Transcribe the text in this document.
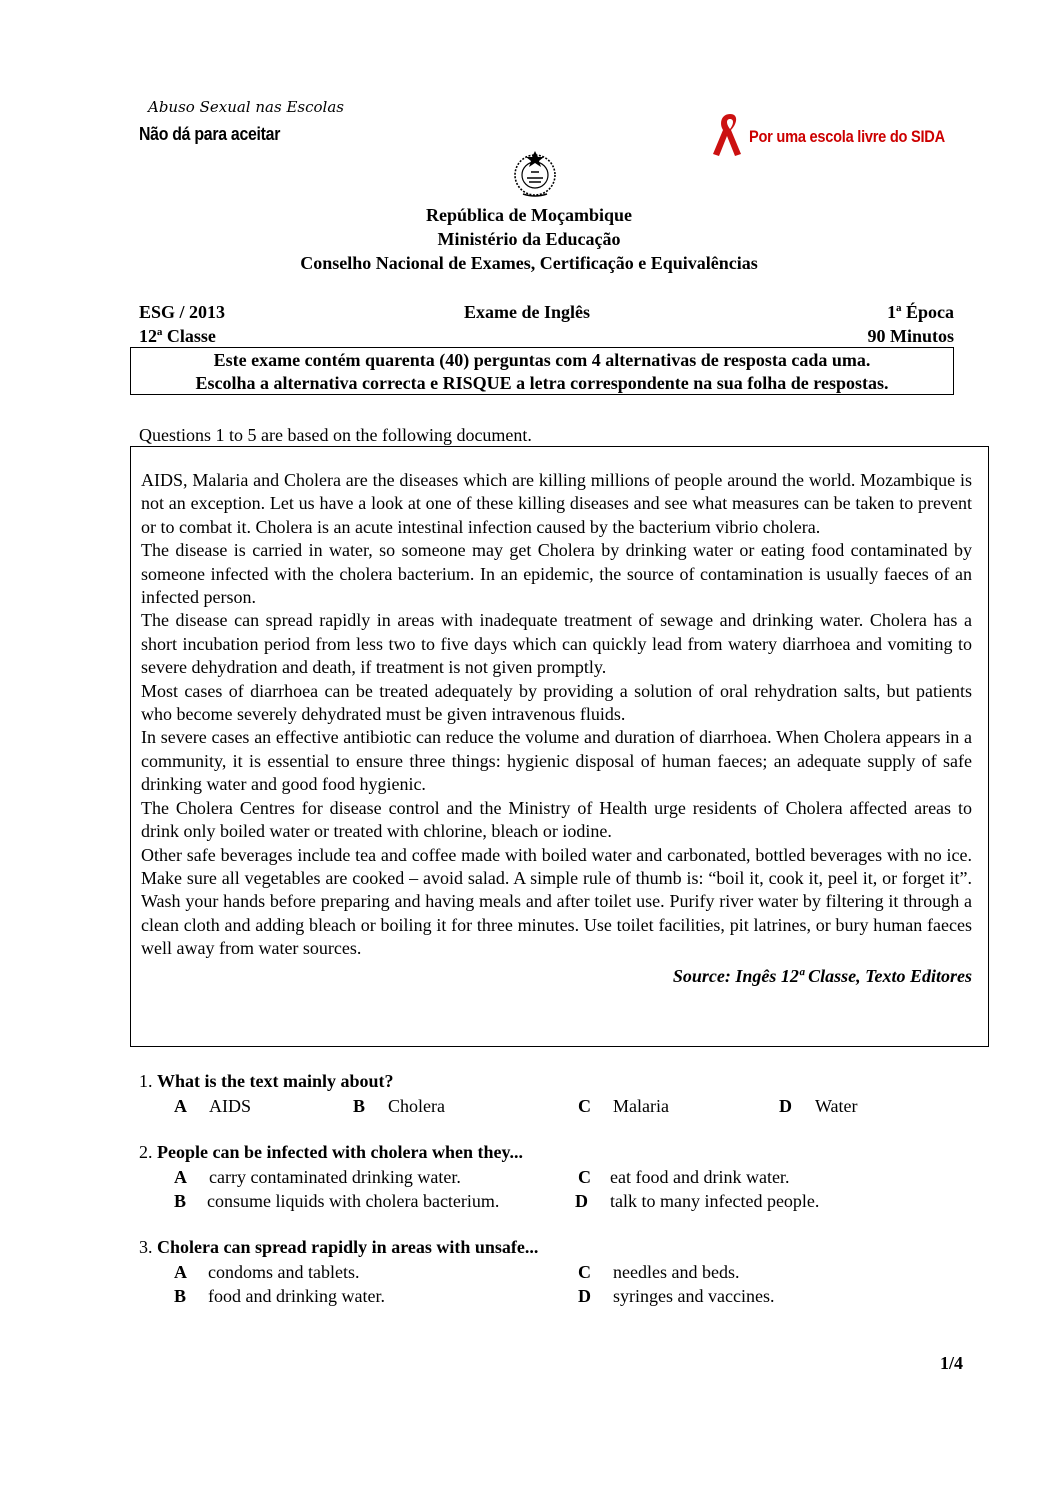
Abuso Sexual nas Escolas
Não dá para aceitar	Por uma escola livre do SIDA
República de Moçambique
Ministério da Educação
Conselho Nacional de Exames, Certificação e Equivalências
ESG / 2013	Exame de Inglês	1ª Época
12ª Classe	90 Minutos
Este exame contém quarenta (40) perguntas com 4 alternativas de resposta cada uma.
Escolha a alternativa correcta e RISQUE a letra correspondente na sua folha de respostas.
Questions 1 to 5 are based on the following document.

AIDS, Malaria and Cholera are the diseases which are killing millions of people around the world. Mozambique is not an exception. Let us have a look at one of these killing diseases and see what measures can be taken to prevent or to combat it. Cholera is an acute intestinal infection caused by the bacterium vibrio cholera.

The disease is carried in water, so someone may get Cholera by drinking water or eating food contaminated by someone infected with the cholera bacterium. In an epidemic, the source of contamination is usually faeces of an infected person.

The disease can spread rapidly in areas with inadequate treatment of sewage and drinking water. Cholera has a short incubation period from less two to five days which can quickly lead from watery diarrhoea and vomiting to severe dehydration and death, if treatment is not given promptly.

Most cases of diarrhoea can be treated adequately by providing a solution of oral rehydration salts, but patients who become severely dehydrated must be given intravenous fluids.

In severe cases an effective antibiotic can reduce the volume and duration of diarrhoea. When Cholera appears in a community, it is essential to ensure three things: hygienic disposal of human faeces; an adequate supply of safe drinking water and good food hygienic.

The Cholera Centres for disease control and the Ministry of Health urge residents of Cholera affected areas to drink only boiled water or treated with chlorine, bleach or iodine.

Other safe beverages include tea and coffee made with boiled water and carbonated, bottled beverages with no ice. Make sure all vegetables are cooked – avoid salad. A simple rule of thumb is: “boil it, cook it, peel it, or forget it”. Wash your hands before preparing and having meals and after toilet use. Purify river water by filtering it through a clean cloth and adding bleach or boiling it for three minutes. Use toilet facilities, pit latrines, or bury human faeces well away from water sources.

Source: Ingês 12ª Classe, Texto Editores

1. What is the text mainly about?
A AIDS	B Cholera	C Malaria	D Water
2. People can be infected with cholera when they...
A carry contaminated drinking water.	C eat food and drink water.
B consume liquids with cholera bacterium.	D talk to many infected people.
3. Cholera can spread rapidly in areas with unsafe...
A condoms and tablets.	C needles and beds.
B food and drinking water.	D syringes and vaccines.
1/4
